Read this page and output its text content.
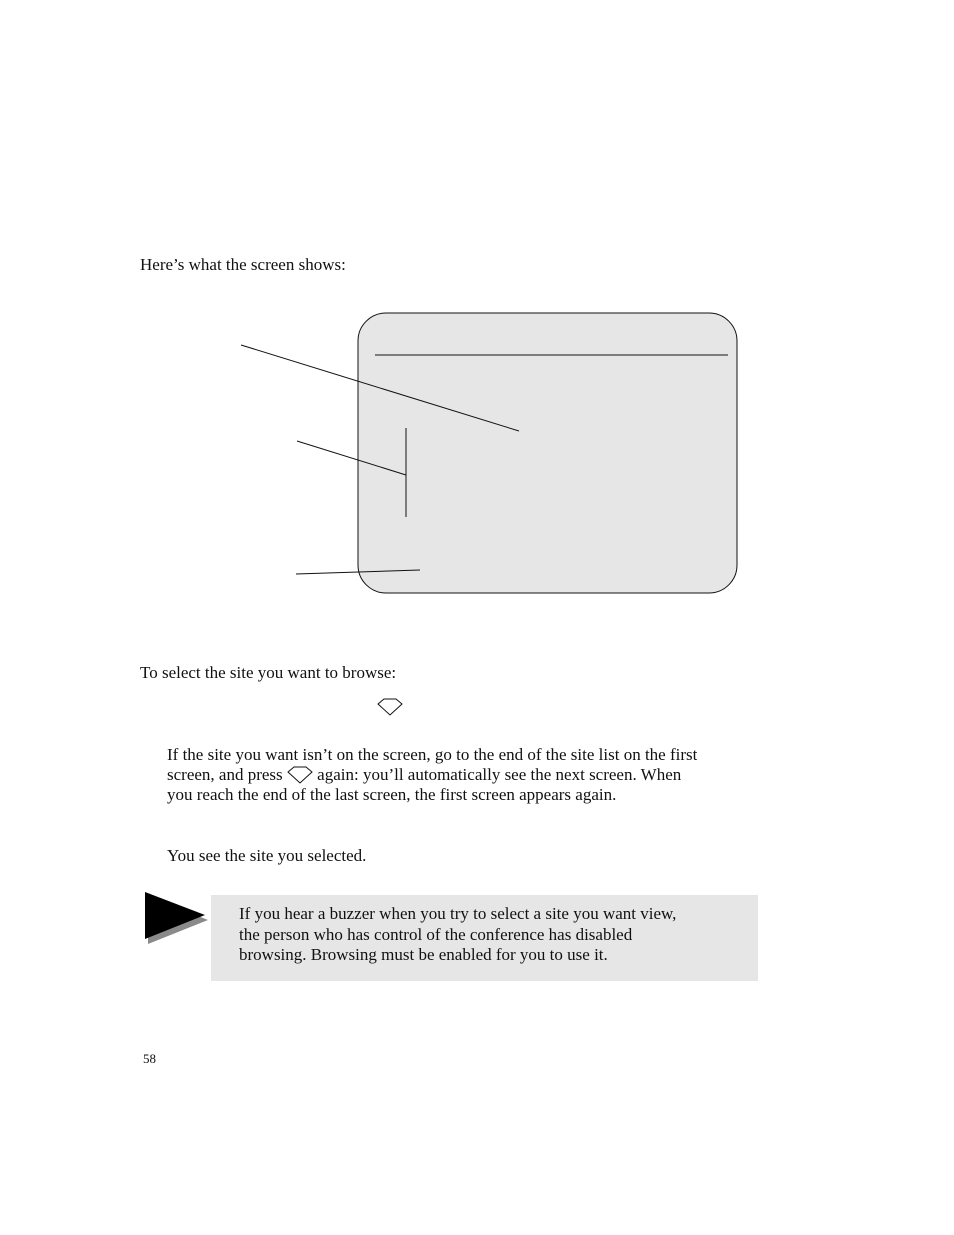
Here’s what the screen shows:
To select the site you want to browse:
If the site you want isn’t on the screen, go to the end of the site list on the first
screen, and press  again: you’ll automatically see the next screen. When
you reach the end of the last screen, the first screen appears again.
You see the site you selected.
If you hear a buzzer when you try to select a site you want view,
the person who has control of the conference has disabled
browsing. Browsing must be enabled for you to use it.
58
